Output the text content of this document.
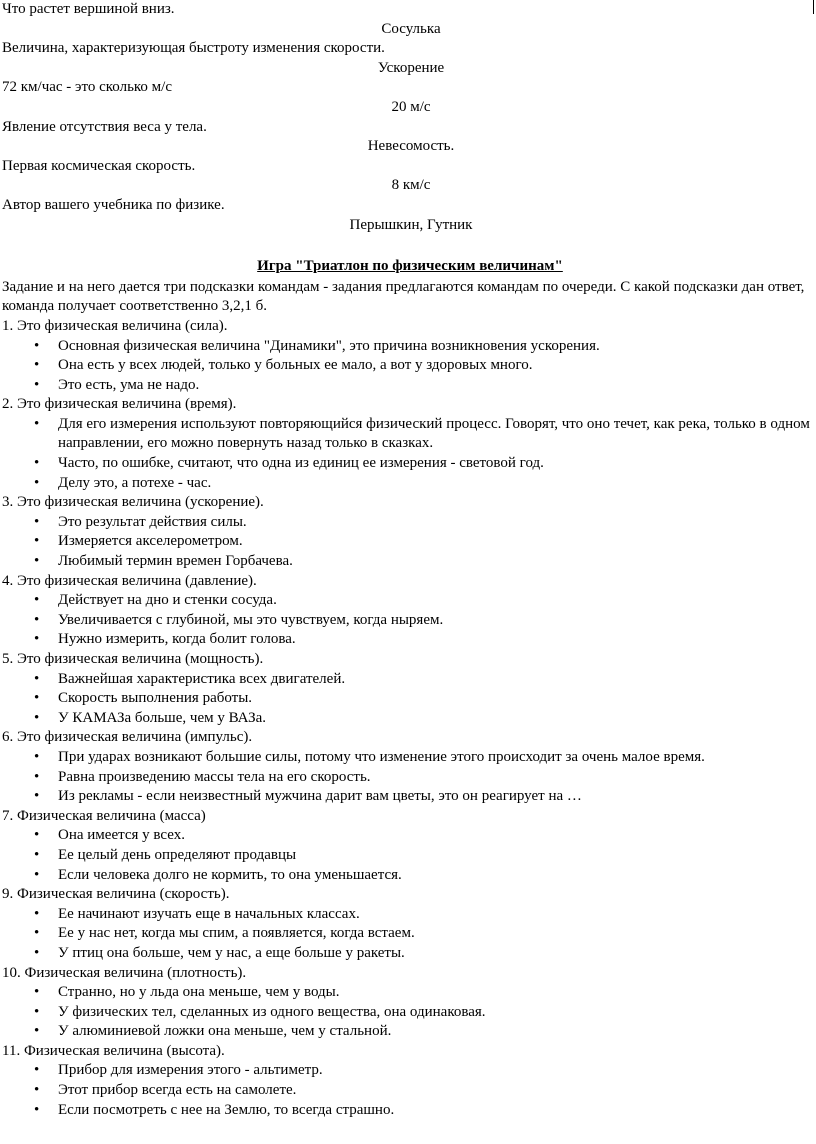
Что растет вершиной вниз.
Сосулька
Величина, характеризующая быстроту изменения скорости.
Ускорение
72 км/час - это сколько м/с
20 м/с
Явление отсутствия веса у тела.
Невесомость.
Первая космическая скорость.
8 км/с
Автор вашего учебника по физике.
Перышкин, Гутник
Игра "Триатлон по физическим величинам"
Задание и на него дается три подсказки командам - задания предлагаются командам по очереди. С какой подсказки дан ответ, команда получает соответственно 3,2,1 б.
1. Это физическая величина (сила).
• Основная физическая величина "Динамики", это причина возникновения ускорения.
• Она есть у всех людей, только у больных ее мало, а вот у здоровых много.
• Это есть, ума не надо.
2. Это физическая величина (время).
• Для его измерения используют повторяющийся физический процесс. Говорят, что оно течет, как река, только в одном направлении, его можно повернуть назад только в сказках.
• Часто, по ошибке, считают, что одна из единиц ее измерения - световой год.
• Делу это, а потехе - час.
3. Это физическая величина (ускорение).
• Это результат действия силы.
• Измеряется акселерометром.
• Любимый термин времен Горбачева.
4. Это физическая величина (давление).
• Действует на дно и стенки сосуда.
• Увеличивается с глубиной, мы это чувствуем, когда ныряем.
• Нужно измерить, когда болит голова.
5. Это физическая величина (мощность).
• Важнейшая характеристика всех двигателей.
• Скорость выполнения работы.
• У КАМАЗа больше, чем у ВАЗа.
6. Это физическая величина (импульс).
• При ударах возникают большие силы, потому что изменение этого происходит за очень малое время.
• Равна произведению массы тела на его скорость.
• Из рекламы - если неизвестный мужчина дарит вам цветы, это он реагирует на …
7. Физическая величина (масса)
• Она имеется у всех.
• Ее целый день определяют продавцы
• Если человека долго не кормить, то она уменьшается.
9. Физическая величина (скорость).
• Ее начинают изучать еще в начальных классах.
• Ее у нас нет, когда мы спим, а появляется, когда встаем.
• У птиц она больше, чем у нас, а еще больше у ракеты.
10. Физическая величина (плотность).
• Странно, но у льда она меньше, чем у воды.
• У физических тел, сделанных из одного вещества, она одинаковая.
• У алюминиевой ложки она меньше, чем у стальной.
11. Физическая величина (высота).
• Прибор для измерения этого - альтиметр.
• Этот прибор всегда есть на самолете.
• Если посмотреть с нее на Землю, то всегда страшно.
